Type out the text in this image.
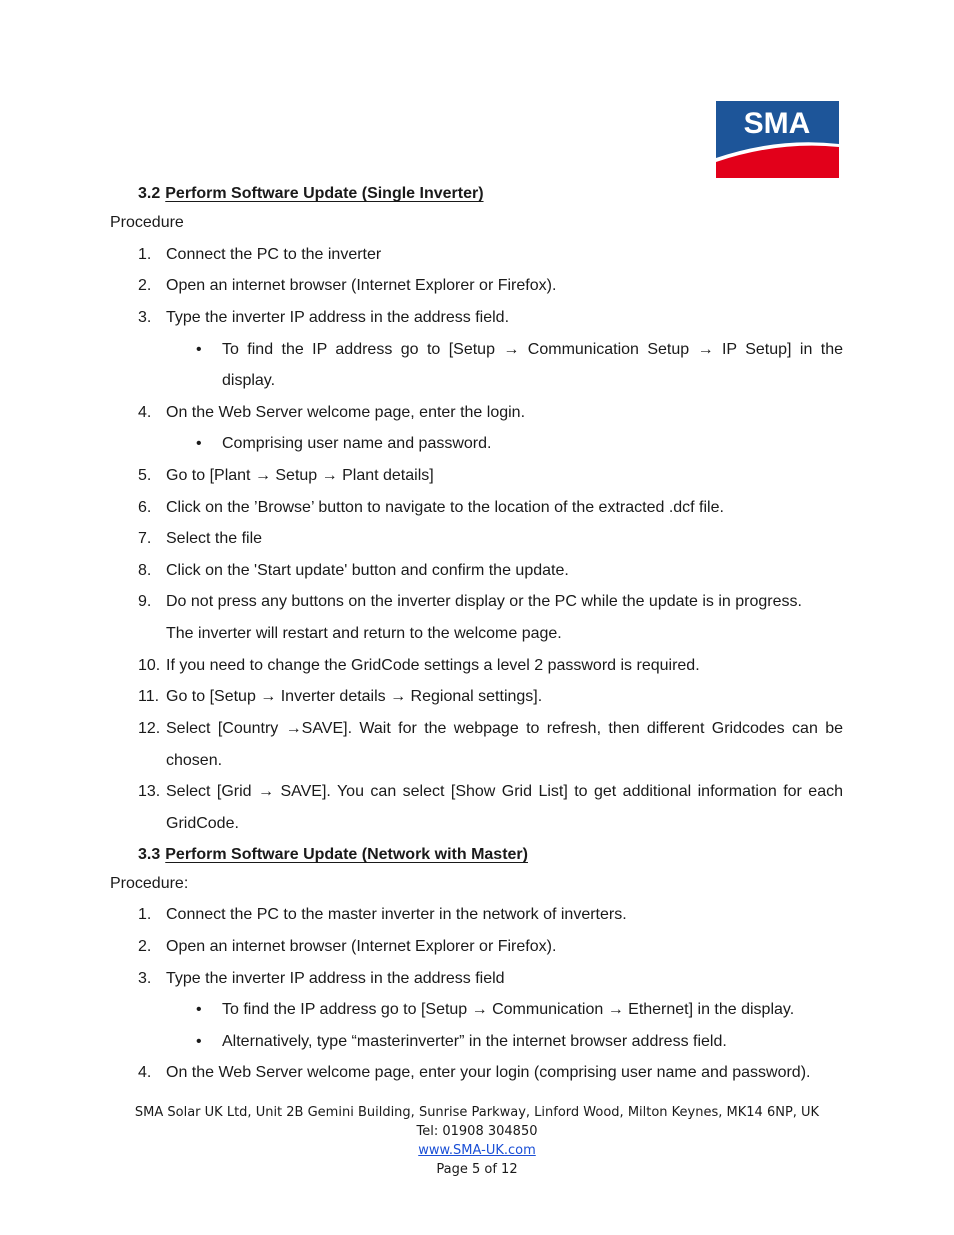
SMA
3.2 Perform Software Update (Single Inverter)
Procedure
1. Connect the PC to the inverter
2. Open an internet browser (Internet Explorer or Firefox).
3. Type the inverter IP address in the address field.
• To find the IP address go to [Setup → Communication Setup → IP Setup] in the
display.
4. On the Web Server welcome page, enter the login.
• Comprising user name and password.
5. Go to [Plant → Setup → Plant details]
6. Click on the ’Browse’ button to navigate to the location of the extracted .dcf file.
7. Select the file
8. Click on the 'Start update' button and confirm the update.
9. Do not press any buttons on the inverter display or the PC while the update is in progress.
The inverter will restart and return to the welcome page.
10. If you need to change the GridCode settings a level 2 password is required.
11. Go to [Setup → Inverter details → Regional settings].
12. Select [Country →SAVE]. Wait for the webpage to refresh, then different Gridcodes can be
chosen.
13. Select [Grid → SAVE]. You can select [Show Grid List] to get additional information for each
GridCode.
3.3 Perform Software Update (Network with Master)
Procedure:
1. Connect the PC to the master inverter in the network of inverters.
2. Open an internet browser (Internet Explorer or Firefox).
3. Type the inverter IP address in the address field
• To find the IP address go to [Setup → Communication → Ethernet] in the display.
• Alternatively, type “masterinverter” in the internet browser address field.
4. On the Web Server welcome page, enter your login (comprising user name and password).
SMA Solar UK Ltd, Unit 2B Gemini Building, Sunrise Parkway, Linford Wood, Milton Keynes, MK14 6NP, UK
Tel: 01908 304850
www.SMA-UK.com
Page 5 of 12
